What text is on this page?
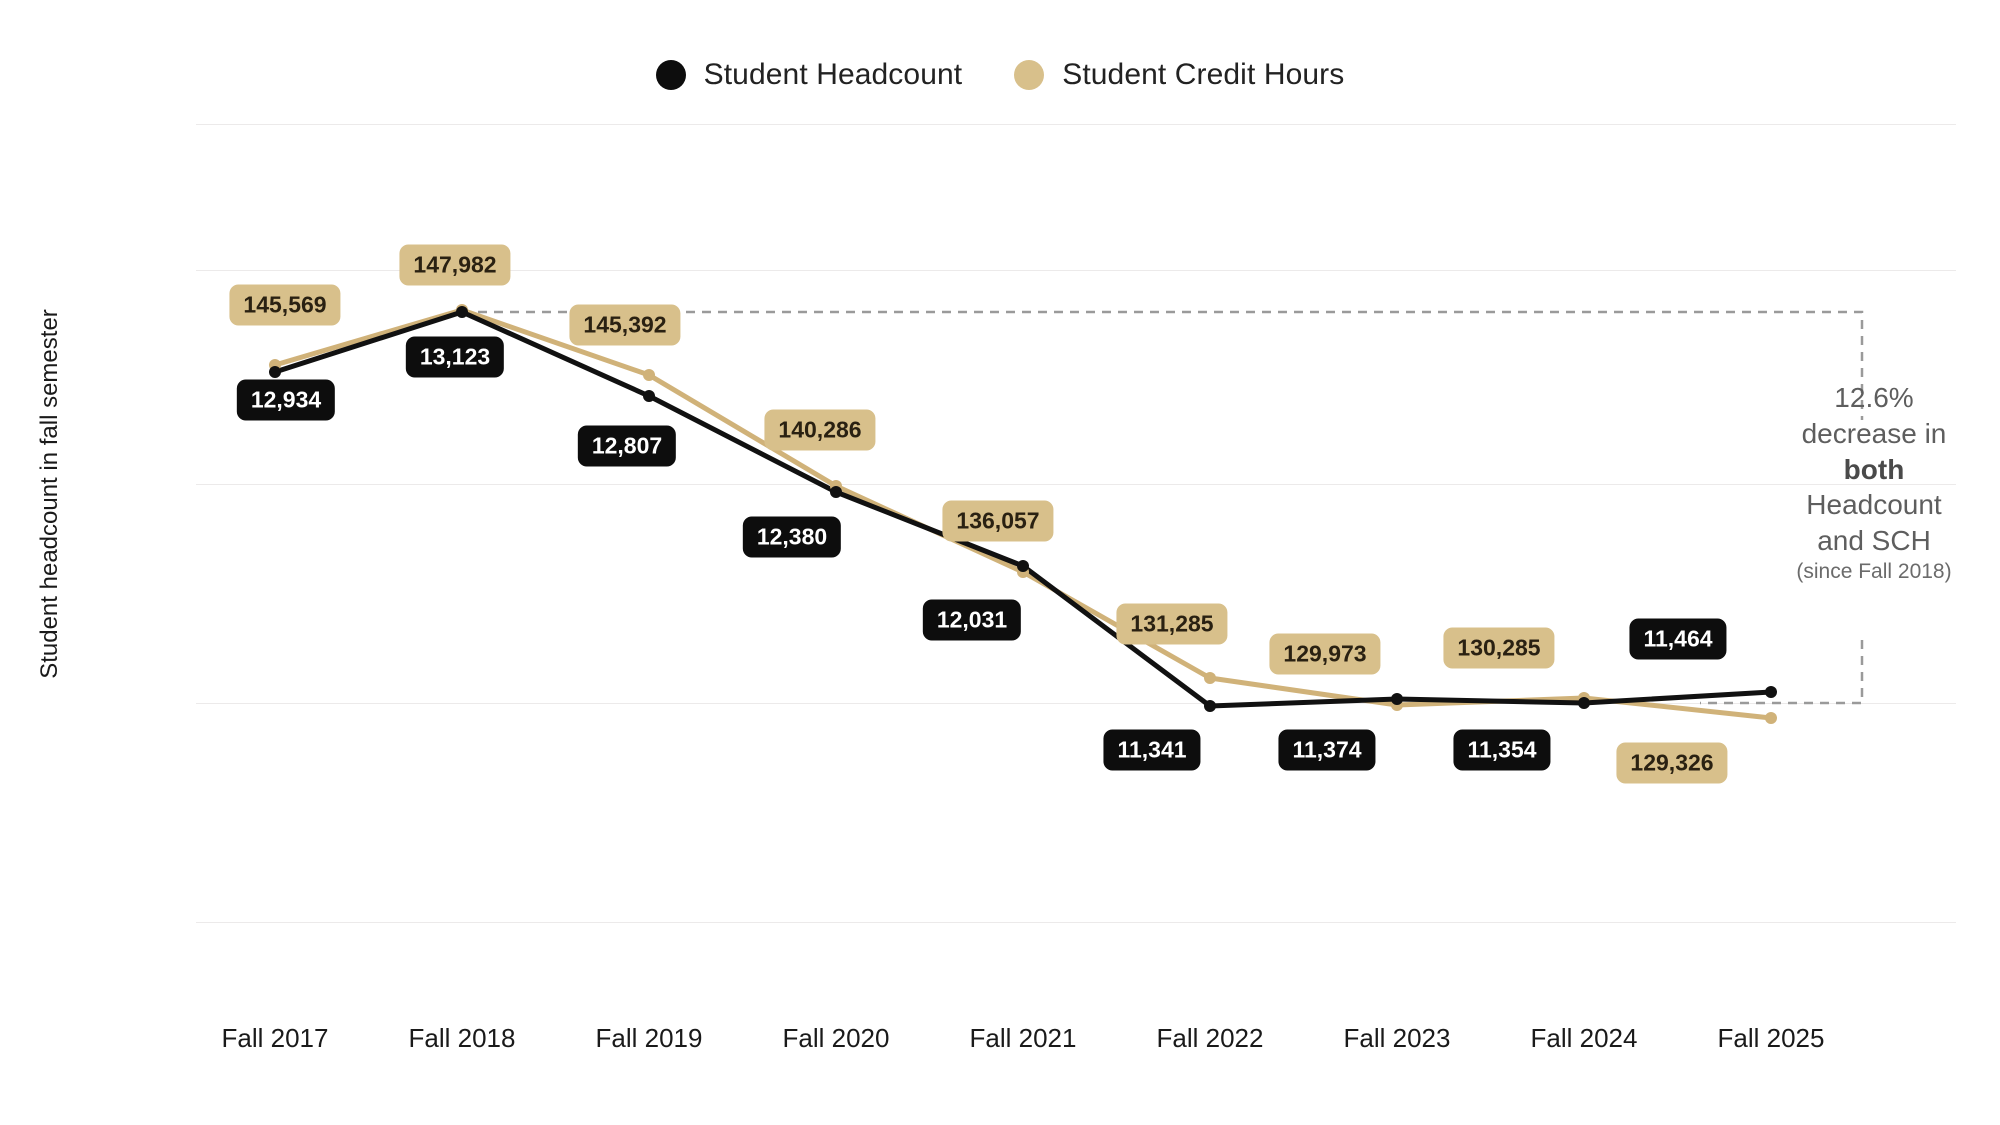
Student Headcount	Student Credit Hours
Student headcount in fall semester
Fall 2017	Fall 2018	Fall 2019	Fall 2020	Fall 2021	Fall 2022	Fall 2023	Fall 2024	Fall 2025
145,569
147,982
145,392
140,286
136,057
131,285
129,973	130,285
129,326
12,934
13,123
12,807
12,380
12,031
11,341	11,374	11,354
11,464
12.6%
decrease in
both
Headcount
and SCH
(since Fall 2018)
